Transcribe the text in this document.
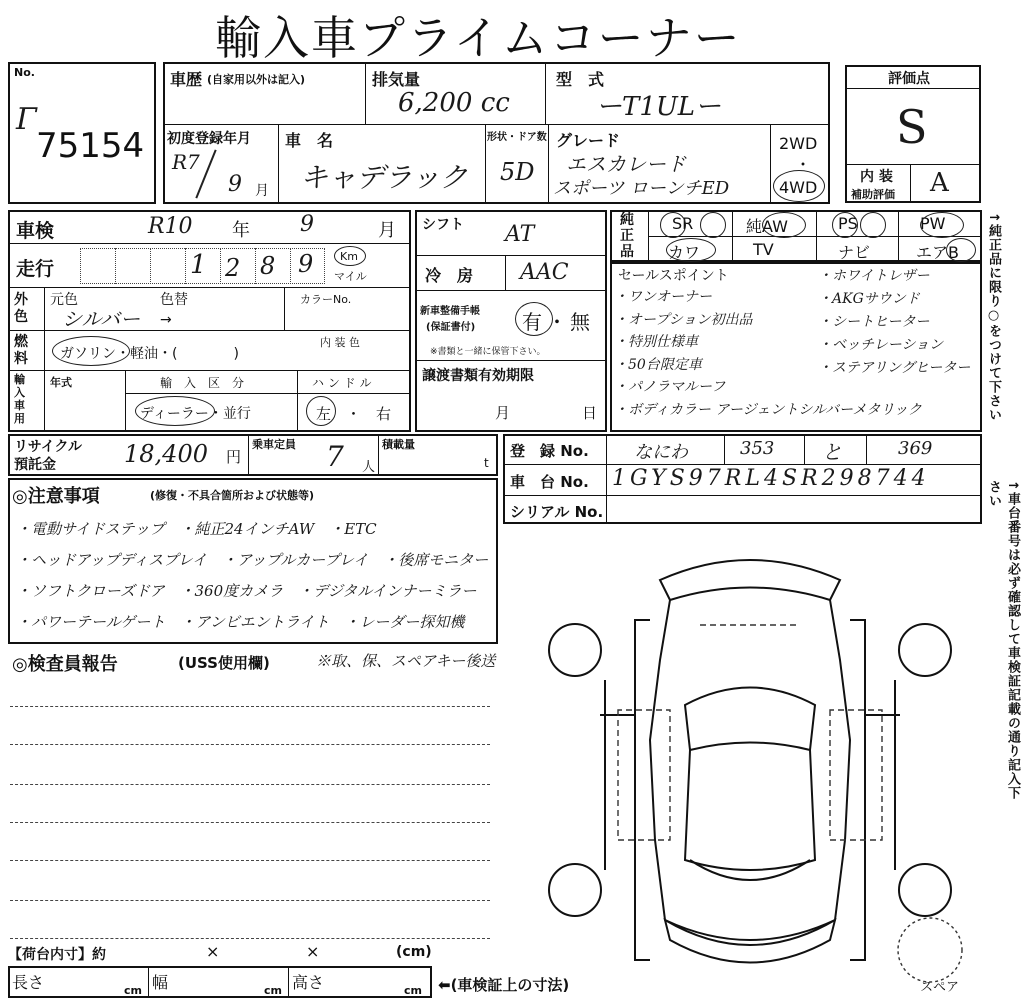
輸入車プライムコーナー
No.
Γ
75154
車歴 (自家用以外は記入)	排気量
6,200 cc
型　式
ーT1ULー
初度登録年月
R7
9 月
車　名
キャデラック
形状・ドア数
5D
グレード
エスカレード
スポーツ ローンチED
2WD
・
4WD
評価点
S
内 装
補助評価 A
車検	R10 年 9	月
走行	1 2 8 9 Km
マイル
外
色
元色	色替
シルバー →
カラーNo.
燃
料	ガソリン・軽油・(　　　　)
内 装 色
輸
入
車
用
年式	輸　入　区　分
ディーラー・並行
ハ ン ド ル
左　・　右
シフト AT
冷　房 AAC
新車整備手帳
(保証書付) 有 ・ 無
※書類と一緒に保管下さい。
譲渡書類有効期限
月	日
純
正
品
SR	純AW	PS	PW
カワ	TV	ナビ	エアB
セールスポイント
・ワンオーナー
・オープション初出品
・特別仕様車
・50台限定車
・パノラマルーフ
・ボディカラー アージェントシルバーメタリック
・ホワイトレザー
・AKGサウンド
・シートヒーター
・ベッチレーション
・ステアリングヒーター
リサイクル
預託金	18,400 円
乗車定員 7 人
積載量
t
登　録 No.	なにわ	353 と	369
車　台 No. 1GYS97RL4SR298744
シリアル No.
↑純正品に限り○をつけて下さい
↑車台番号は必ず確認して車検証記載の通り記入下さい
◎注意事項	(修復・不具合箇所および状態等)
・電動サイドステップ　・純正24インチAW　・ETC
・ヘッドアップディスプレイ　・アップルカープレイ　・後席モニター
・ソフトクローズドア　・360度カメラ　・デジタルインナーミラー
・パワーテールゲート　・アンビエントライト　・レーダー探知機
◎検査員報告	(USS使用欄)	※取、保、スペアキー後送
スペア
【荷台内寸】約	×	×	(cm)
長さ	cm 幅	cm 高さ	cm ⬅(車検証上の寸法)
